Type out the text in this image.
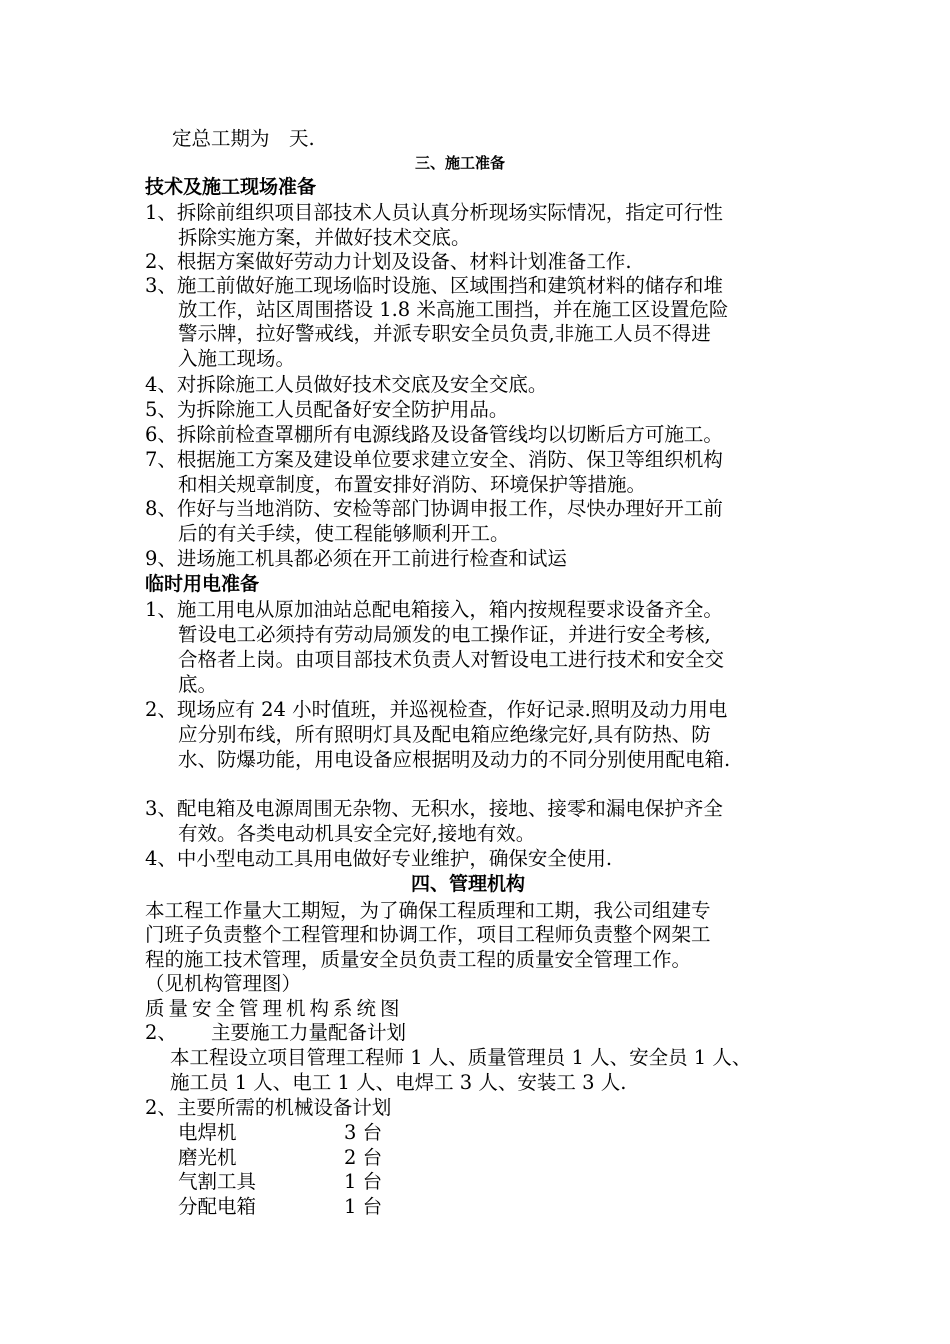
定总工期为　天.
三、施工准备
技术及施工现场准备
1、拆除前组织项目部技术人员认真分析现场实际情况，指定可行性
拆除实施方案，并做好技术交底。
2、根据方案做好劳动力计划及设备、材料计划准备工作.
3、施工前做好施工现场临时设施、区域围挡和建筑材料的储存和堆
放工作，站区周围搭设 1.8 米高施工围挡，并在施工区设置危险
警示牌，拉好警戒线，并派专职安全员负责,非施工人员不得进
入施工现场。
4、对拆除施工人员做好技术交底及安全交底。
5、为拆除施工人员配备好安全防护用品。
6、拆除前检查罩棚所有电源线路及设备管线均以切断后方可施工。
7、根据施工方案及建设单位要求建立安全、消防、保卫等组织机构
和相关规章制度，布置安排好消防、环境保护等措施。
8、作好与当地消防、安检等部门协调申报工作，尽快办理好开工前
后的有关手续，使工程能够顺利开工。
9、进场施工机具都必须在开工前进行检查和试运
临时用电准备
1、施工用电从原加油站总配电箱接入，箱内按规程要求设备齐全。
暂设电工必须持有劳动局颁发的电工操作证，并进行安全考核,
合格者上岗。由项目部技术负责人对暂设电工进行技术和安全交
底。
2、现场应有 24 小时值班，并巡视检查，作好记录.照明及动力用电
应分别布线，所有照明灯具及配电箱应绝缘完好,具有防热、防
水、防爆功能，用电设备应根据明及动力的不同分别使用配电箱.
3、配电箱及电源周围无杂物、无积水，接地、接零和漏电保护齐全
有效。各类电动机具安全完好,接地有效。
4、中小型电动工具用电做好专业维护，确保安全使用.
四、管理机构
本工程工作量大工期短，为了确保工程质理和工期，我公司组建专
门班子负责整个工程管理和协调工作，项目工程师负责整个网架工
程的施工技术管理，质量安全员负责工程的质量安全管理工作。
（见机构管理图）
质量安全管理机构系统图
2、 主要施工力量配备计划
本工程设立项目管理工程师 1 人、质量管理员 1 人、安全员 1 人、
施工员 1 人、电工 1 人、电焊工 3 人、安装工 3 人.
2、主要所需的机械设备计划
电焊机	3 台
磨光机	2 台
气割工具	1 台
分配电箱	1 台
